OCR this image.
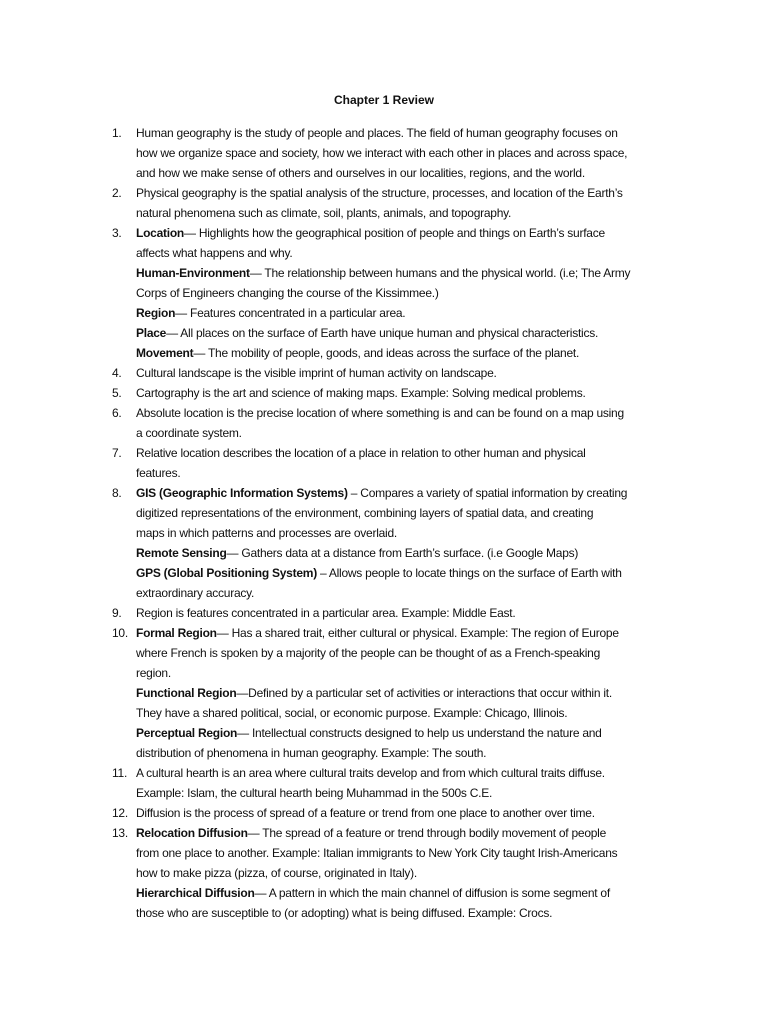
Chapter 1 Review
1.	Human geography is the study of people and places. The field of human geography focuses on
how we organize space and society, how we interact with each other in places and across space,
and how we make sense of others and ourselves in our localities, regions, and the world.
2.	Physical geography is the spatial analysis of the structure, processes, and location of the Earth’s
natural phenomena such as climate, soil, plants, animals, and topography.
3.	Location— Highlights how the geographical position of people and things on Earth’s surface
affects what happens and why.
Human-Environment— The relationship between humans and the physical world. (i.e; The Army
Corps of Engineers changing the course of the Kissimmee.)
Region— Features concentrated in a particular area.
Place— All places on the surface of Earth have unique human and physical characteristics.
Movement— The mobility of people, goods, and ideas across the surface of the planet.
4.	Cultural landscape is the visible imprint of human activity on landscape.
5.	Cartography is the art and science of making maps. Example: Solving medical problems.
6.	Absolute location is the precise location of where something is and can be found on a map using
a coordinate system.
7.	Relative location describes the location of a place in relation to other human and physical
features.
8.	GIS (Geographic Information Systems) – Compares a variety of spatial information by creating
digitized representations of the environment, combining layers of spatial data, and creating
maps in which patterns and processes are overlaid.
Remote Sensing— Gathers data at a distance from Earth’s surface. (i.e Google Maps)
GPS (Global Positioning System) – Allows people to locate things on the surface of Earth with
extraordinary accuracy.
9.	Region is features concentrated in a particular area. Example: Middle East.
10. Formal Region— Has a shared trait, either cultural or physical. Example: The region of Europe
where French is spoken by a majority of the people can be thought of as a French-speaking
region.
Functional Region—Defined by a particular set of activities or interactions that occur within it.
They have a shared political, social, or economic purpose. Example: Chicago, Illinois.
Perceptual Region— Intellectual constructs designed to help us understand the nature and
distribution of phenomena in human geography. Example: The south.
11. A cultural hearth is an area where cultural traits develop and from which cultural traits diffuse.
Example: Islam, the cultural hearth being Muhammad in the 500s C.E.
12. Diffusion is the process of spread of a feature or trend from one place to another over time.
13. Relocation Diffusion— The spread of a feature or trend through bodily movement of people
from one place to another. Example: Italian immigrants to New York City taught Irish-Americans
how to make pizza (pizza, of course, originated in Italy).
Hierarchical Diffusion— A pattern in which the main channel of diffusion is some segment of
those who are susceptible to (or adopting) what is being diffused. Example: Crocs.
